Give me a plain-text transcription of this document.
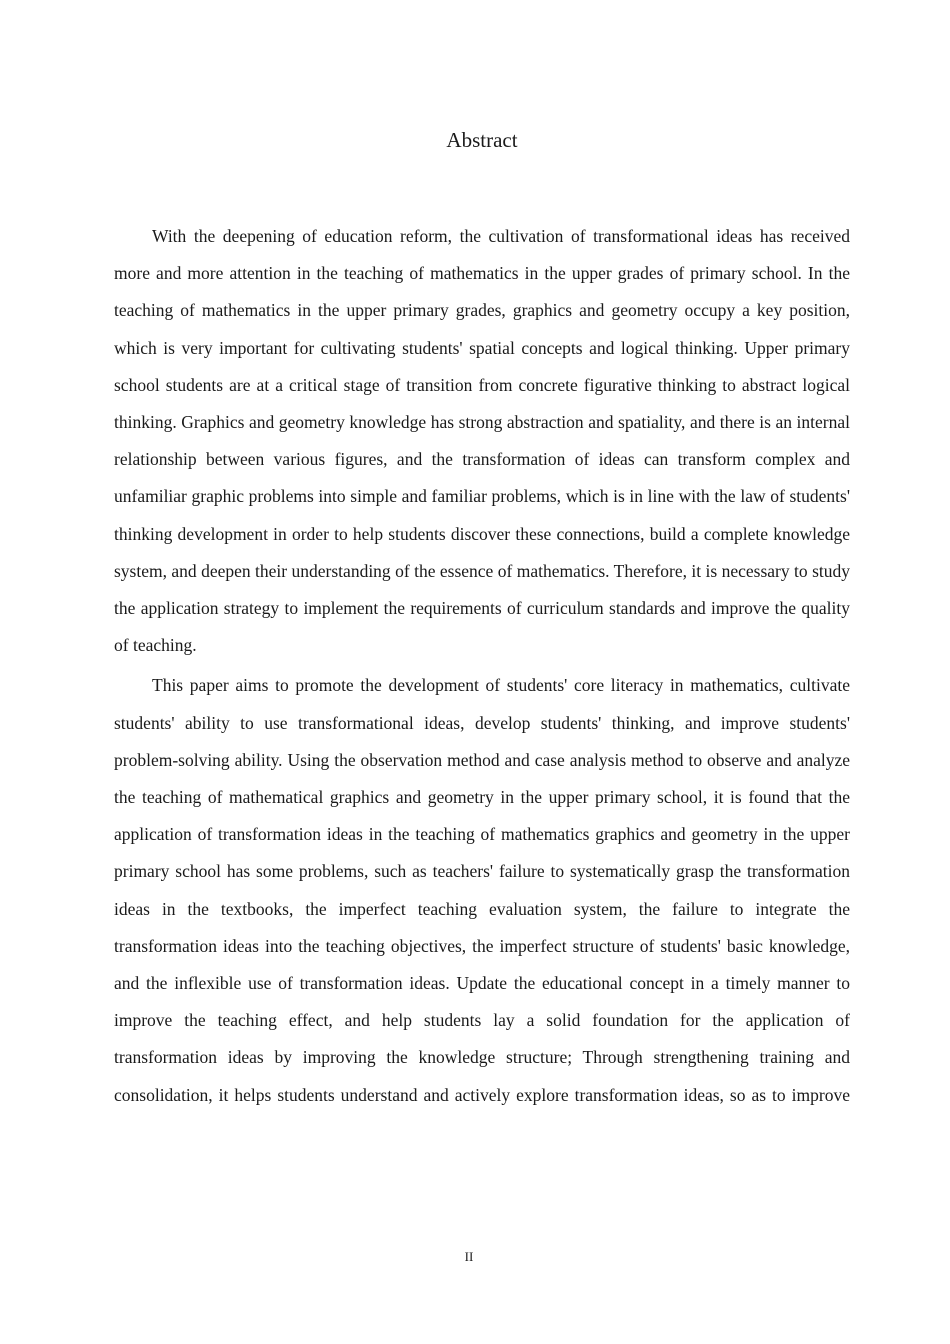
Abstract

With the deepening of education reform, the cultivation of transformational ideas has received more and more attention in the teaching of mathematics in the upper grades of primary school. In the teaching of mathematics in the upper primary grades, graphics and geometry occupy a key position, which is very important for cultivating students' spatial concepts and logical thinking. Upper primary school students are at a critical stage of transition from concrete figurative thinking to abstract logical thinking. Graphics and geometry knowledge has strong abstraction and spatiality, and there is an internal relationship between various figures, and the transformation of ideas can transform complex and unfamiliar graphic problems into simple and familiar problems, which is in line with the law of students' thinking development in order to help students discover these connections, build a complete knowledge system, and deepen their understanding of the essence of mathematics. Therefore, it is necessary to study the application strategy to implement the requirements of curriculum standards and improve the quality of teaching.

This paper aims to promote the development of students' core literacy in mathematics, cultivate students' ability to use transformational ideas, develop students' thinking, and improve students' problem-solving ability. Using the observation method and case analysis method to observe and analyze the teaching of mathematical graphics and geometry in the upper primary school, it is found that the application of transformation ideas in the teaching of mathematics graphics and geometry in the upper primary school has some problems, such as teachers' failure to systematically grasp the transformation ideas in the textbooks, the imperfect teaching evaluation system, the failure to integrate the transformation ideas into the teaching objectives, the imperfect structure of students' basic knowledge, and the inflexible use of transformation ideas. Update the educational concept in a timely manner to improve the teaching effect, and help students lay a solid foundation for the application of transformation ideas by improving the knowledge structure; Through strengthening training and consolidation, it helps students understand and actively explore transformation ideas, so as to improve

II
